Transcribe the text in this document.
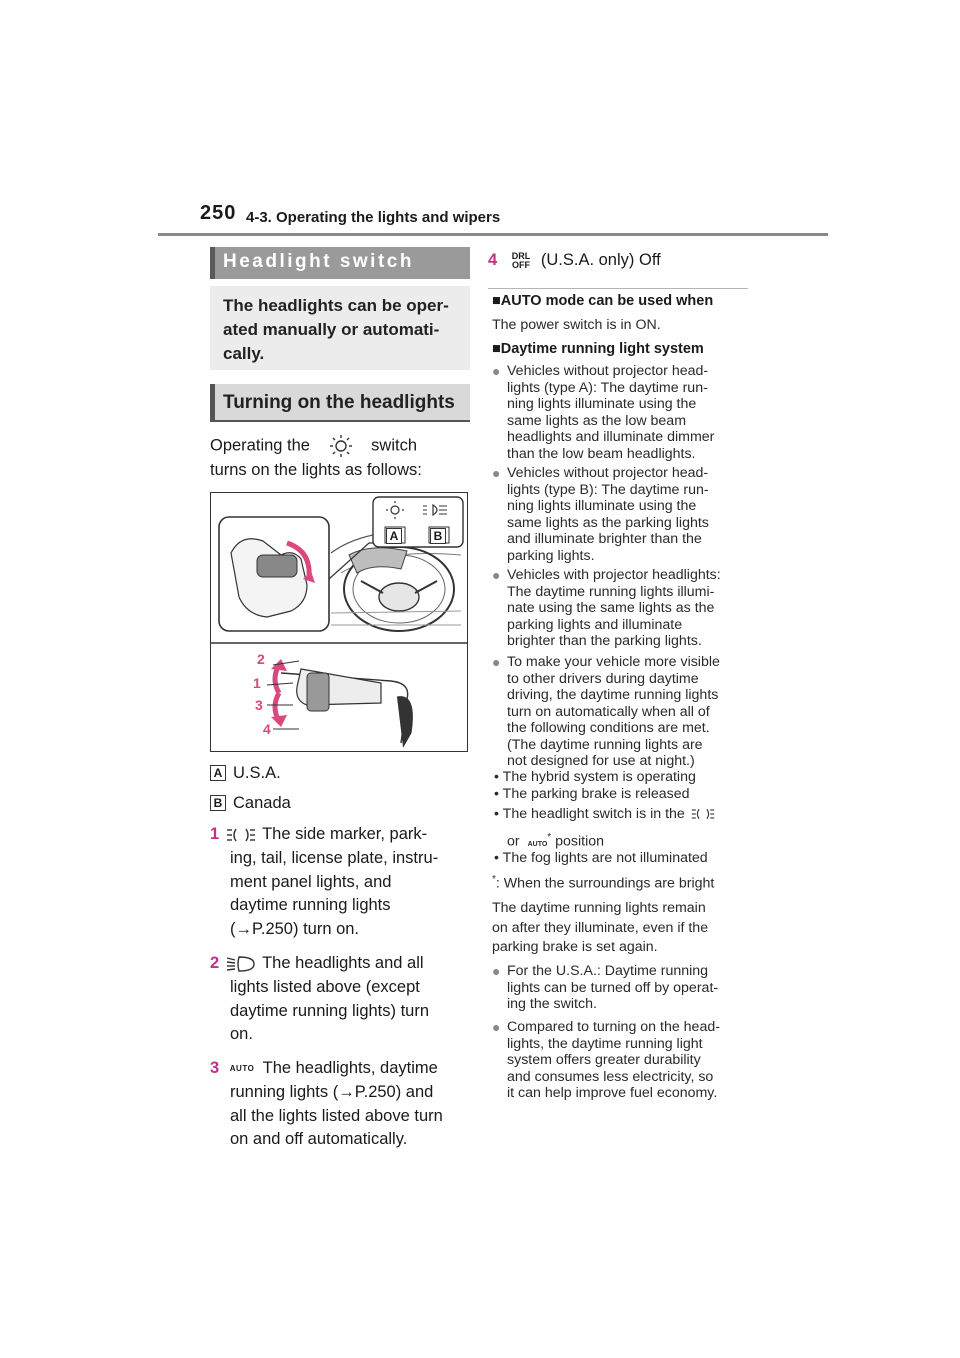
250 4-3. Operating the lights and wipers
Headlight switch
The headlights can be oper-ated manually or automati-cally.
Turning on the headlights
Operating the	switch
turns on the lights as follows:
A	B
2
1
3
4
A U.S.A.
B Canada
1	The side marker, park-
ing, tail, license plate, instru-
ment panel lights, and
daytime running lights
(→P.250) turn on.
2	The headlights and all
lights listed above (except
daytime running lights) turn
on.
3 AUTO The headlights, daytime
running lights (→P.250) and
all the lights listed above turn
on and off automatically.
4 DRL
OFF (U.S.A. only) Off
■AUTO mode can be used when
The power switch is in ON.
■Daytime running light system
● Vehicles without projector head-
lights (type A): The daytime run-
ning lights illuminate using the
same lights as the low beam
headlights and illuminate dimmer
than the low beam headlights.
● Vehicles without projector head-
lights (type B): The daytime run-
ning lights illuminate using the
same lights as the parking lights
and illuminate brighter than the
parking lights.
● Vehicles with projector headlights:
The daytime running lights illumi-
nate using the same lights as the
parking lights and illuminate
brighter than the parking lights.
● To make your vehicle more visible
to other drivers during daytime
driving, the daytime running lights
turn on automatically when all of
the following conditions are met.
(The daytime running lights are
not designed for use at night.)
• The hybrid system is operating
• The parking brake is released
• The headlight switch is in the
or AUTO* position
• The fog lights are not illuminated
*: When the surroundings are bright
The daytime running lights remain
on after they illuminate, even if the
parking brake is set again.
● For the U.S.A.: Daytime running
lights can be turned off by operat-
ing the switch.
● Compared to turning on the head-
lights, the daytime running light
system offers greater durability
and consumes less electricity, so
it can help improve fuel economy.
